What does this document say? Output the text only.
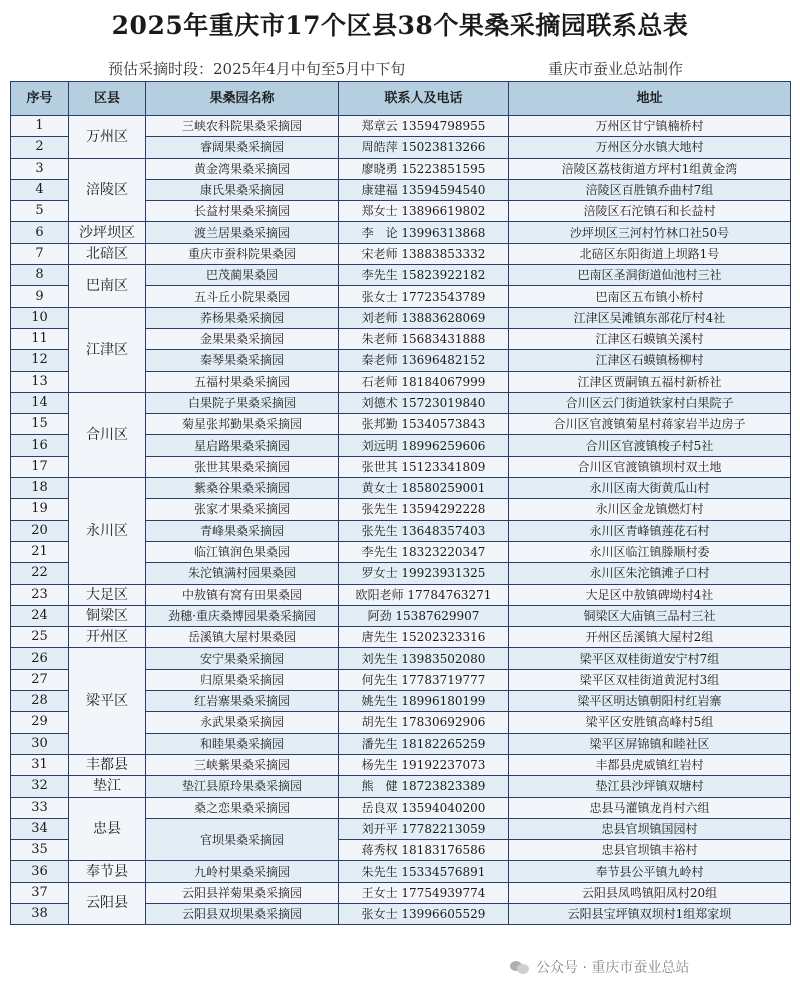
2025年重庆市17个区县38个果桑采摘园联系总表
预估采摘时段：2025年4月中旬至5月中下旬	重庆市蚕业总站制作
序号	区县	果桑园名称	联系人及电话	地址
1	万州区	三峡农科院果桑采摘园	郑章云 13594798955	万州区甘宁镇楠桥村
2		睿阔果桑采摘园	周皓萍 15023813266	万州区分水镇大地村
3	涪陵区	黄金湾果桑采摘园	廖晓勇 15223851595	涪陵区荔枝街道方坪村1组黄金湾
4		康氏果桑采摘园	康建福 13594594540	涪陵区百胜镇乔曲村7组
5		长益村果桑采摘园	郑女士 13896619802	涪陵区石沱镇石和长益村
6	沙坪坝区	渡兰居果桑采摘园	李　论 13996313868	沙坪坝区三河村竹林口社50号
7	北碚区	重庆市蚕科院果桑园	宋老师 13883853332	北碚区东阳街道上坝路1号
8	巴南区	巴茂蔺果桑园	李先生 15823922182	巴南区圣洞街道仙池村三社
9		五斗丘小院果桑园	张女士 17723543789	巴南区五布镇小桥村
10	江津区	荞杨果桑采摘园	刘老师 13883628069	江津区吴滩镇东部花厅村4社
11		金果果桑采摘园	朱老师 15683431888	江津区石蟆镇关溪村
12		秦琴果桑采摘园	秦老师 13696482152	江津区石蟆镇杨柳村
13		五福村果桑采摘园	石老师 18184067999	江津区贾嗣镇五福村新桥社
14	合川区	白果院子果桑采摘园	刘德术 15723019840	合川区云门街道铁家村白果院子
15		菊星张邦勤果桑采摘园	张邦勤 15340573843	合川区官渡镇菊星村蒋家岩半边房子
16		星启路果桑采摘园	刘远明 18996259606	合川区官渡镇梭子村5社
17		张世其果桑采摘园	张世其 15123341809	合川区官渡镇镇坝村双土地
18	永川区	紫桑谷果桑采摘园	黄女士 18580259001	永川区南大街黄瓜山村
19		张家才果桑采摘园	张先生 13594292228	永川区金龙镇燃灯村
20		青峰果桑采摘园	张先生 13648357403	永川区青峰镇莲花石村
21		临江镇润色果桑园	李先生 18323220347	永川区临江镇滕顺村委
22		朱沱镇满村园果桑园	罗女士 19923931325	永川区朱沱镇滩子口村
23	大足区	中敖镇有窝有田果桑园	欧阳老师 17784763271	大足区中敖镇碑坳村4社
24	铜梁区	劲穗·重庆桑博园果桑采摘园	阿劲 15387629907	铜梁区大庙镇三品村三社
25	开州区	岳溪镇大屋村果桑园	唐先生 15202323316	开州区岳溪镇大屋村2组
26	梁平区	安宁果桑采摘园	刘先生 13983502080	梁平区双桂街道安宁村7组
27		归原果桑采摘园	何先生 17783719777	梁平区双桂街道黄泥村3组
28		红岩寨果桑采摘园	姚先生 18996180199	梁平区明达镇朝阳村红岩寨
29		永武果桑采摘园	胡先生 17830692906	梁平区安胜镇高峰村5组
30		和睦果桑采摘园	潘先生 18182265259	梁平区屏锦镇和睦社区
31	丰都县	三峡紫果桑采摘园	杨先生 19192237073	丰都县虎威镇红岩村
32	垫江	垫江县原玲果桑采摘园	熊　健 18723823389	垫江县沙坪镇双塘村
33	忠县	桑之恋果桑采摘园	岳良双 13594040200	忠县马灌镇龙肖村六组
34		官坝果桑采摘园	刘开平 17782213059	忠县官坝镇国园村
35			蒋秀权 18183176586	忠县官坝镇丰裕村
36	奉节县	九岭村果桑采摘园	朱先生 15334576891	奉节县公平镇九岭村
37	云阳县	云阳县祥菊果桑采摘园	王女士 17754939774	云阳县凤鸣镇阳凤村20组
38		云阳县双坝果桑采摘园	张女士 13996605529	云阳县宝坪镇双坝村1组郑家坝
公众号 · 重庆市蚕业总站
